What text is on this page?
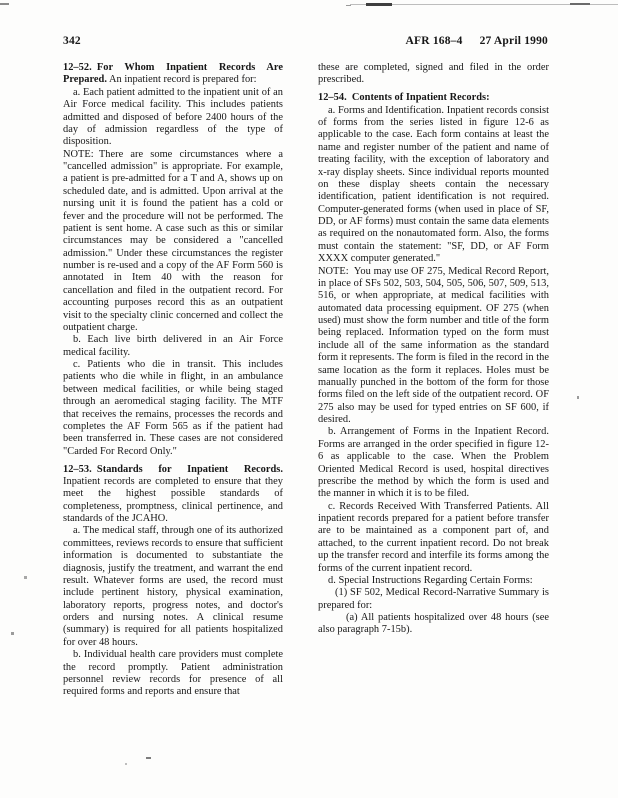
342	AFR 168–4 27 April 1990

12–52. For Whom Inpatient Records Are Prepared. An inpatient record is prepared for:

a. Each patient admitted to the inpatient unit of an Air Force medical facility. This includes patients admitted and disposed of before 2400 hours of the day of admission regardless of the type of disposition.

NOTE: There are some circumstances where a "cancelled admission" is appropriate. For example, a patient is pre-admitted for a T and A, shows up on scheduled date, and is admitted. Upon arrival at the nursing unit it is found the patient has a cold or fever and the procedure will not be performed. The patient is sent home. A case such as this or similar circumstances may be considered a "cancelled admission." Under these circumstances the register number is re-used and a copy of the AF Form 560 is annotated in Item 40 with the reason for cancellation and filed in the outpatient record. For accounting purposes record this as an outpatient visit to the specialty clinic concerned and collect the outpatient charge.

b. Each live birth delivered in an Air Force medical facility.

c. Patients who die in transit. This includes patients who die while in flight, in an ambulance between medical facilities, or while being staged through an aeromedical staging facility. The MTF that receives the remains, processes the records and completes the AF Form 565 as if the patient had been transferred in. These cases are not considered "Carded For Record Only."

12–53. Standards for Inpatient Records. Inpatient records are completed to ensure that they meet the highest possible standards of completeness, promptness, clinical pertinence, and standards of the JCAHO.

a. The medical staff, through one of its authorized committees, reviews records to ensure that sufficient information is documented to substantiate the diagnosis, justify the treatment, and warrant the end result. Whatever forms are used, the record must include pertinent history, physical examination, laboratory reports, progress notes, and doctor's orders and nursing notes. A clinical resume (summary) is required for all patients hospitalized for over 48 hours.

b. Individual health care providers must complete the record promptly. Patient administration personnel review records for presence of all required forms and reports and ensure that

these are completed, signed and filed in the order prescribed.

12–54. Contents of Inpatient Records:

a. Forms and Identification. Inpatient records consist of forms from the series listed in figure 12-6 as applicable to the case. Each form contains at least the name and register number of the patient and name of treating facility, with the exception of laboratory and x-ray display sheets. Since individual reports mounted on these display sheets contain the necessary identification, patient identification is not required. Computer-generated forms (when used in place of SF, DD, or AF forms) must contain the same data elements as required on the nonautomated form. Also, the forms must contain the statement: "SF, DD, or AF Form XXXX computer generated."

NOTE: You may use OF 275, Medical Record Report, in place of SFs 502, 503, 504, 505, 506, 507, 509, 513, 516, or when appropriate, at medical facilities with automated data processing equipment. OF 275 (when used) must show the form number and title of the form being replaced. Information typed on the form must include all of the same information as the standard form it represents. The form is filed in the record in the same location as the form it replaces. Holes must be manually punched in the bottom of the form for those forms filed on the left side of the outpatient record. OF 275 also may be used for typed entries on SF 600, if desired.

b. Arrangement of Forms in the Inpatient Record. Forms are arranged in the order specified in figure 12-6 as applicable to the case. When the Problem Oriented Medical Record is used, hospital directives prescribe the method by which the form is used and the manner in which it is to be filed.

c. Records Received With Transferred Patients. All inpatient records prepared for a patient before transfer are to be maintained as a component part of, and attached, to the current inpatient record. Do not break up the transfer record and interfile its forms among the forms of the current inpatient record.

d. Special Instructions Regarding Certain Forms:

(1) SF 502, Medical Record-Narrative Summary is prepared for:

(a) All patients hospitalized over 48 hours (see also paragraph 7-15b).
